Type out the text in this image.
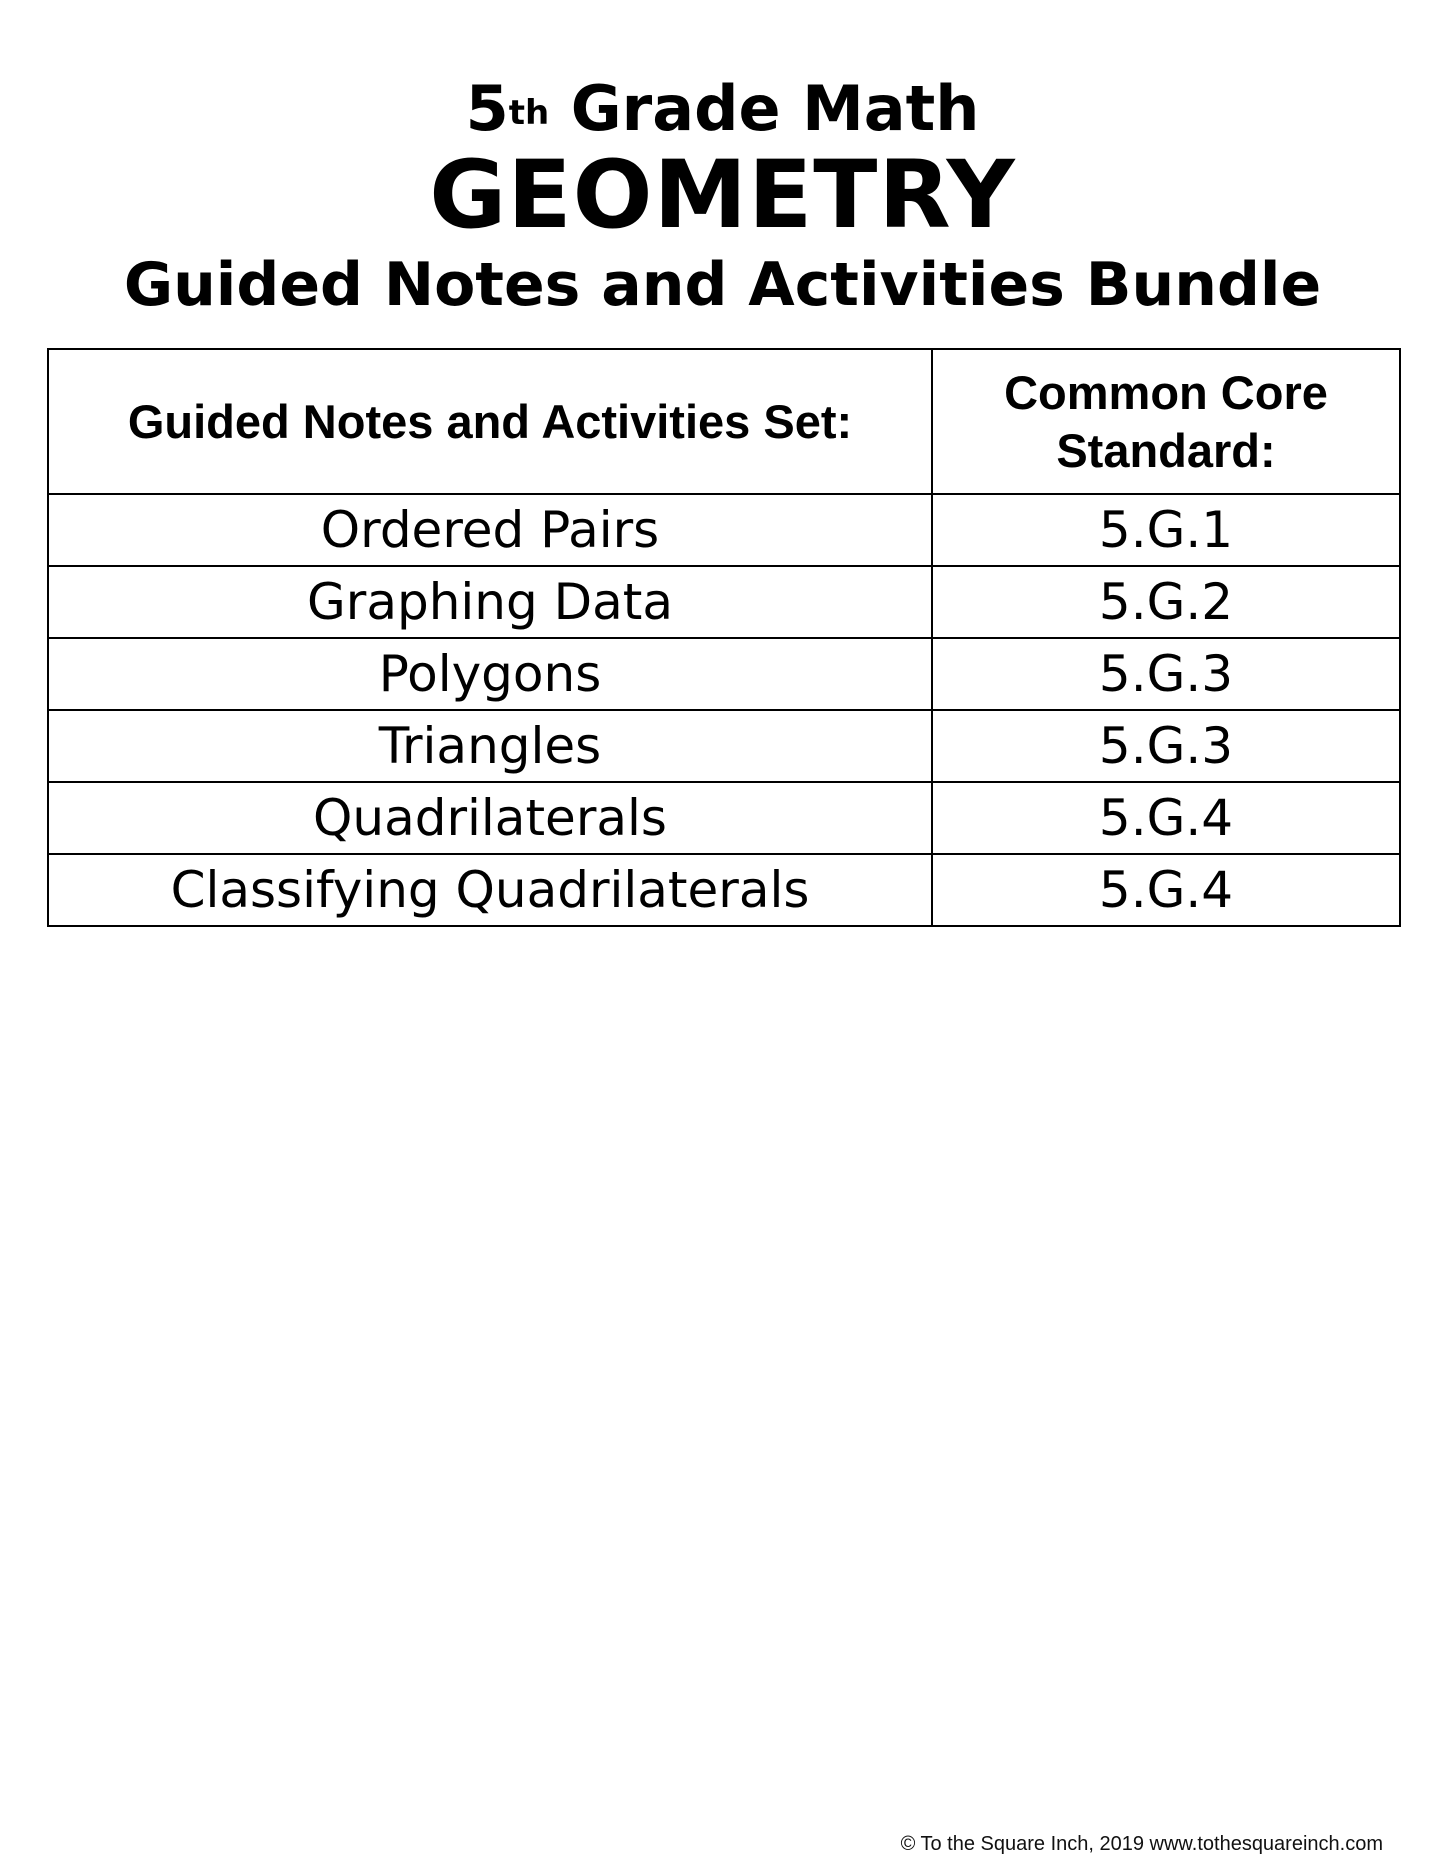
5th Grade Math
GEOMETRY
Guided Notes and Activities Bundle
Guided Notes and Activities Set:	Common Core Standard:
Ordered Pairs	5.G.1
Graphing Data	5.G.2
Polygons	5.G.3
Triangles	5.G.3
Quadrilaterals	5.G.4
Classifying Quadrilaterals	5.G.4
© To the Square Inch, 2019 www.tothesquareinch.com
